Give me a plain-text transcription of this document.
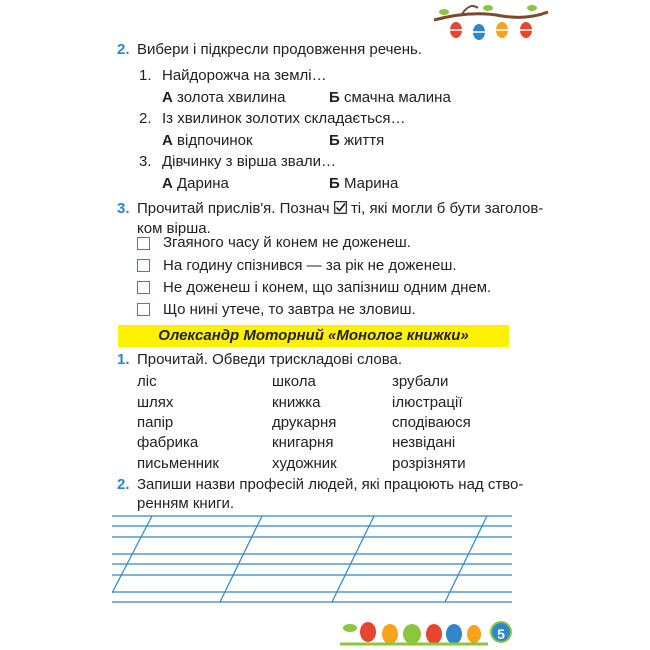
2. Вибери і підкресли продовження речень.
1. Найдорожча на землі…
А золота хвилина	Б смачна малина
2. Із хвилинок золотих складається…
А відпочинок	Б життя
3. Дівчинку з вірша звали…
А Дарина	Б Марина
3. Прочитай прислів'я. Познач ті, які могли б бути заголов-
ком вірша.
Згаяного часу й конем не доженеш.
На годину спізнився — за рік не доженеш.
Не доженеш і конем, що запізниш одним днем.
Що нині утече, то завтра не зловиш.
Олександр Моторний «Монолог книжки»
1. Прочитай. Обведи трискладові слова.
ліс	школа	зрубали
шлях	книжка	ілюстрації
папір	друкарня	сподіваюся
фабрика	книгарня	незвідані
письменник	художник	розрізняти
2. Запиши назви професій людей, які працюють над ство-
ренням книги.
5
